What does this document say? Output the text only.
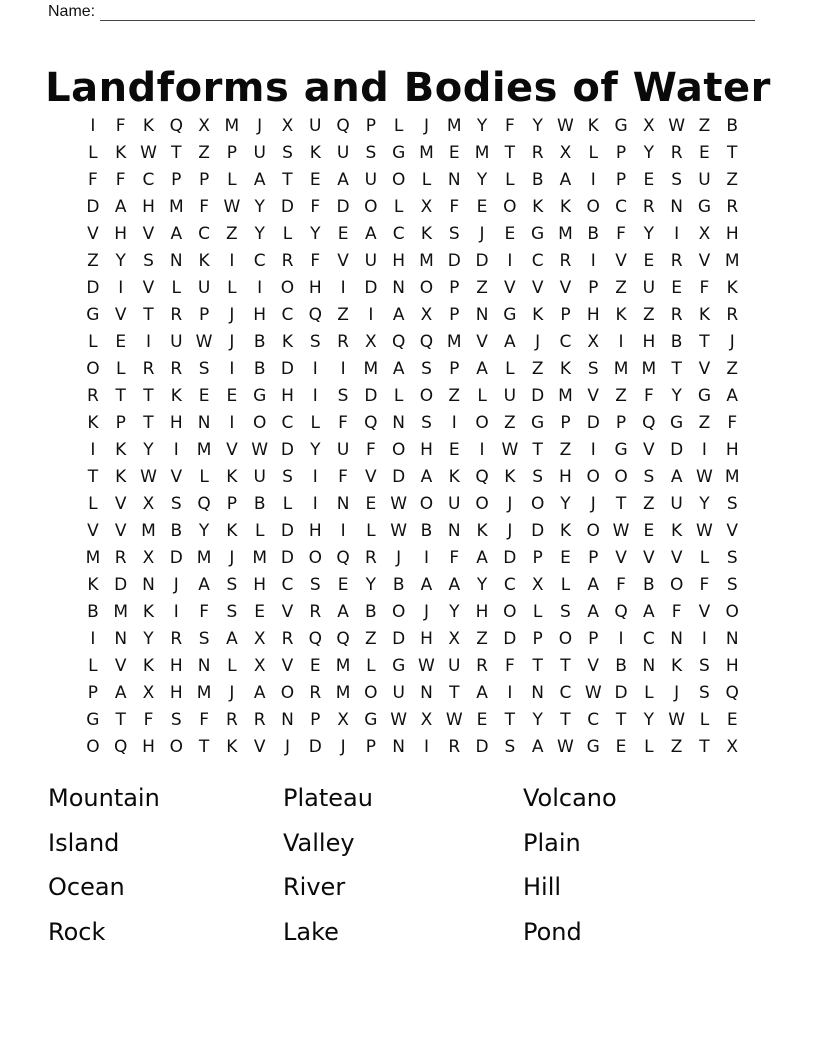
Name:
Landforms and Bodies of Water
I	F	K Q X M	J	X U Q P	L	J	M Y	F	Y W K G X W Z B
L	K W T Z P U S K U S G M E M T R X	L	P	Y R E	T
F	F C P	P	L	A T	E A U O L N Y	L	B A	I	P	E	S U Z
D A H M F W Y D F D O L	X	F	E O K K O C R N G R
V H V A C Z Y	L	Y	E A C K S	J	E G M B	F	Y	I	X H
Z Y	S N K	I	C R	F	V U H M D D	I	C R	I	V E R V M
D	I	V	L U L	I	O H	I	D N O P Z V V V P Z U E	F	K
G V T R P	J	H C Q Z	I	A X P N G K	P H K Z R K R
L	E	I	U W J	B K S R X Q Q M V A	J	C X	I	H B T	J
O L	R R S	I	B D	I	I	M A S	P A	L	Z K S M M T V Z
R T	T	K E	E G H	I	S D L O Z	L U D M V Z	F	Y G A
K	P	T H N	I	O C	L	F Q N S	I	O Z G P D P Q G Z	F
I	K	Y	I	M V W D Y U F O H E	I W T Z	I	G V D	I	H
T	K W V	L	K U S	I	F	V D A K Q K S H O O S A W M
L	V X S Q P B	L	I	N E W O U O	J	O Y	J	T Z U Y	S
V V M B Y	K	L D H	I	L W B N K	J	D K O W E K W V
M R X D M	J	M D O Q R	J	I	F	A D P	E	P V V V	L	S
K D N	J	A S H C S	E	Y B A A Y C X	L	A	F	B O F	S
B M K	I	F	S	E V R A B O	J	Y H O L	S A Q A	F	V O
I	N Y R S A X R Q Q Z D H X Z D P O P	I	C N	I	N
L	V K H N L	X V E M L G W U R	F	T	T V B N K S H
P A X H M	J	A O R M O U N T A	I	N C W D L	J	S Q
G T	F	S	F	R R N P X G W X W E	T	Y	T C T	Y W L	E
O Q H O T	K V	J	D	J	P N	I	R D S A W G E	L	Z T X
Mountain	Plateau	Volcano
Island	Valley	Plain
Ocean	River	Hill
Rock	Lake	Pond
